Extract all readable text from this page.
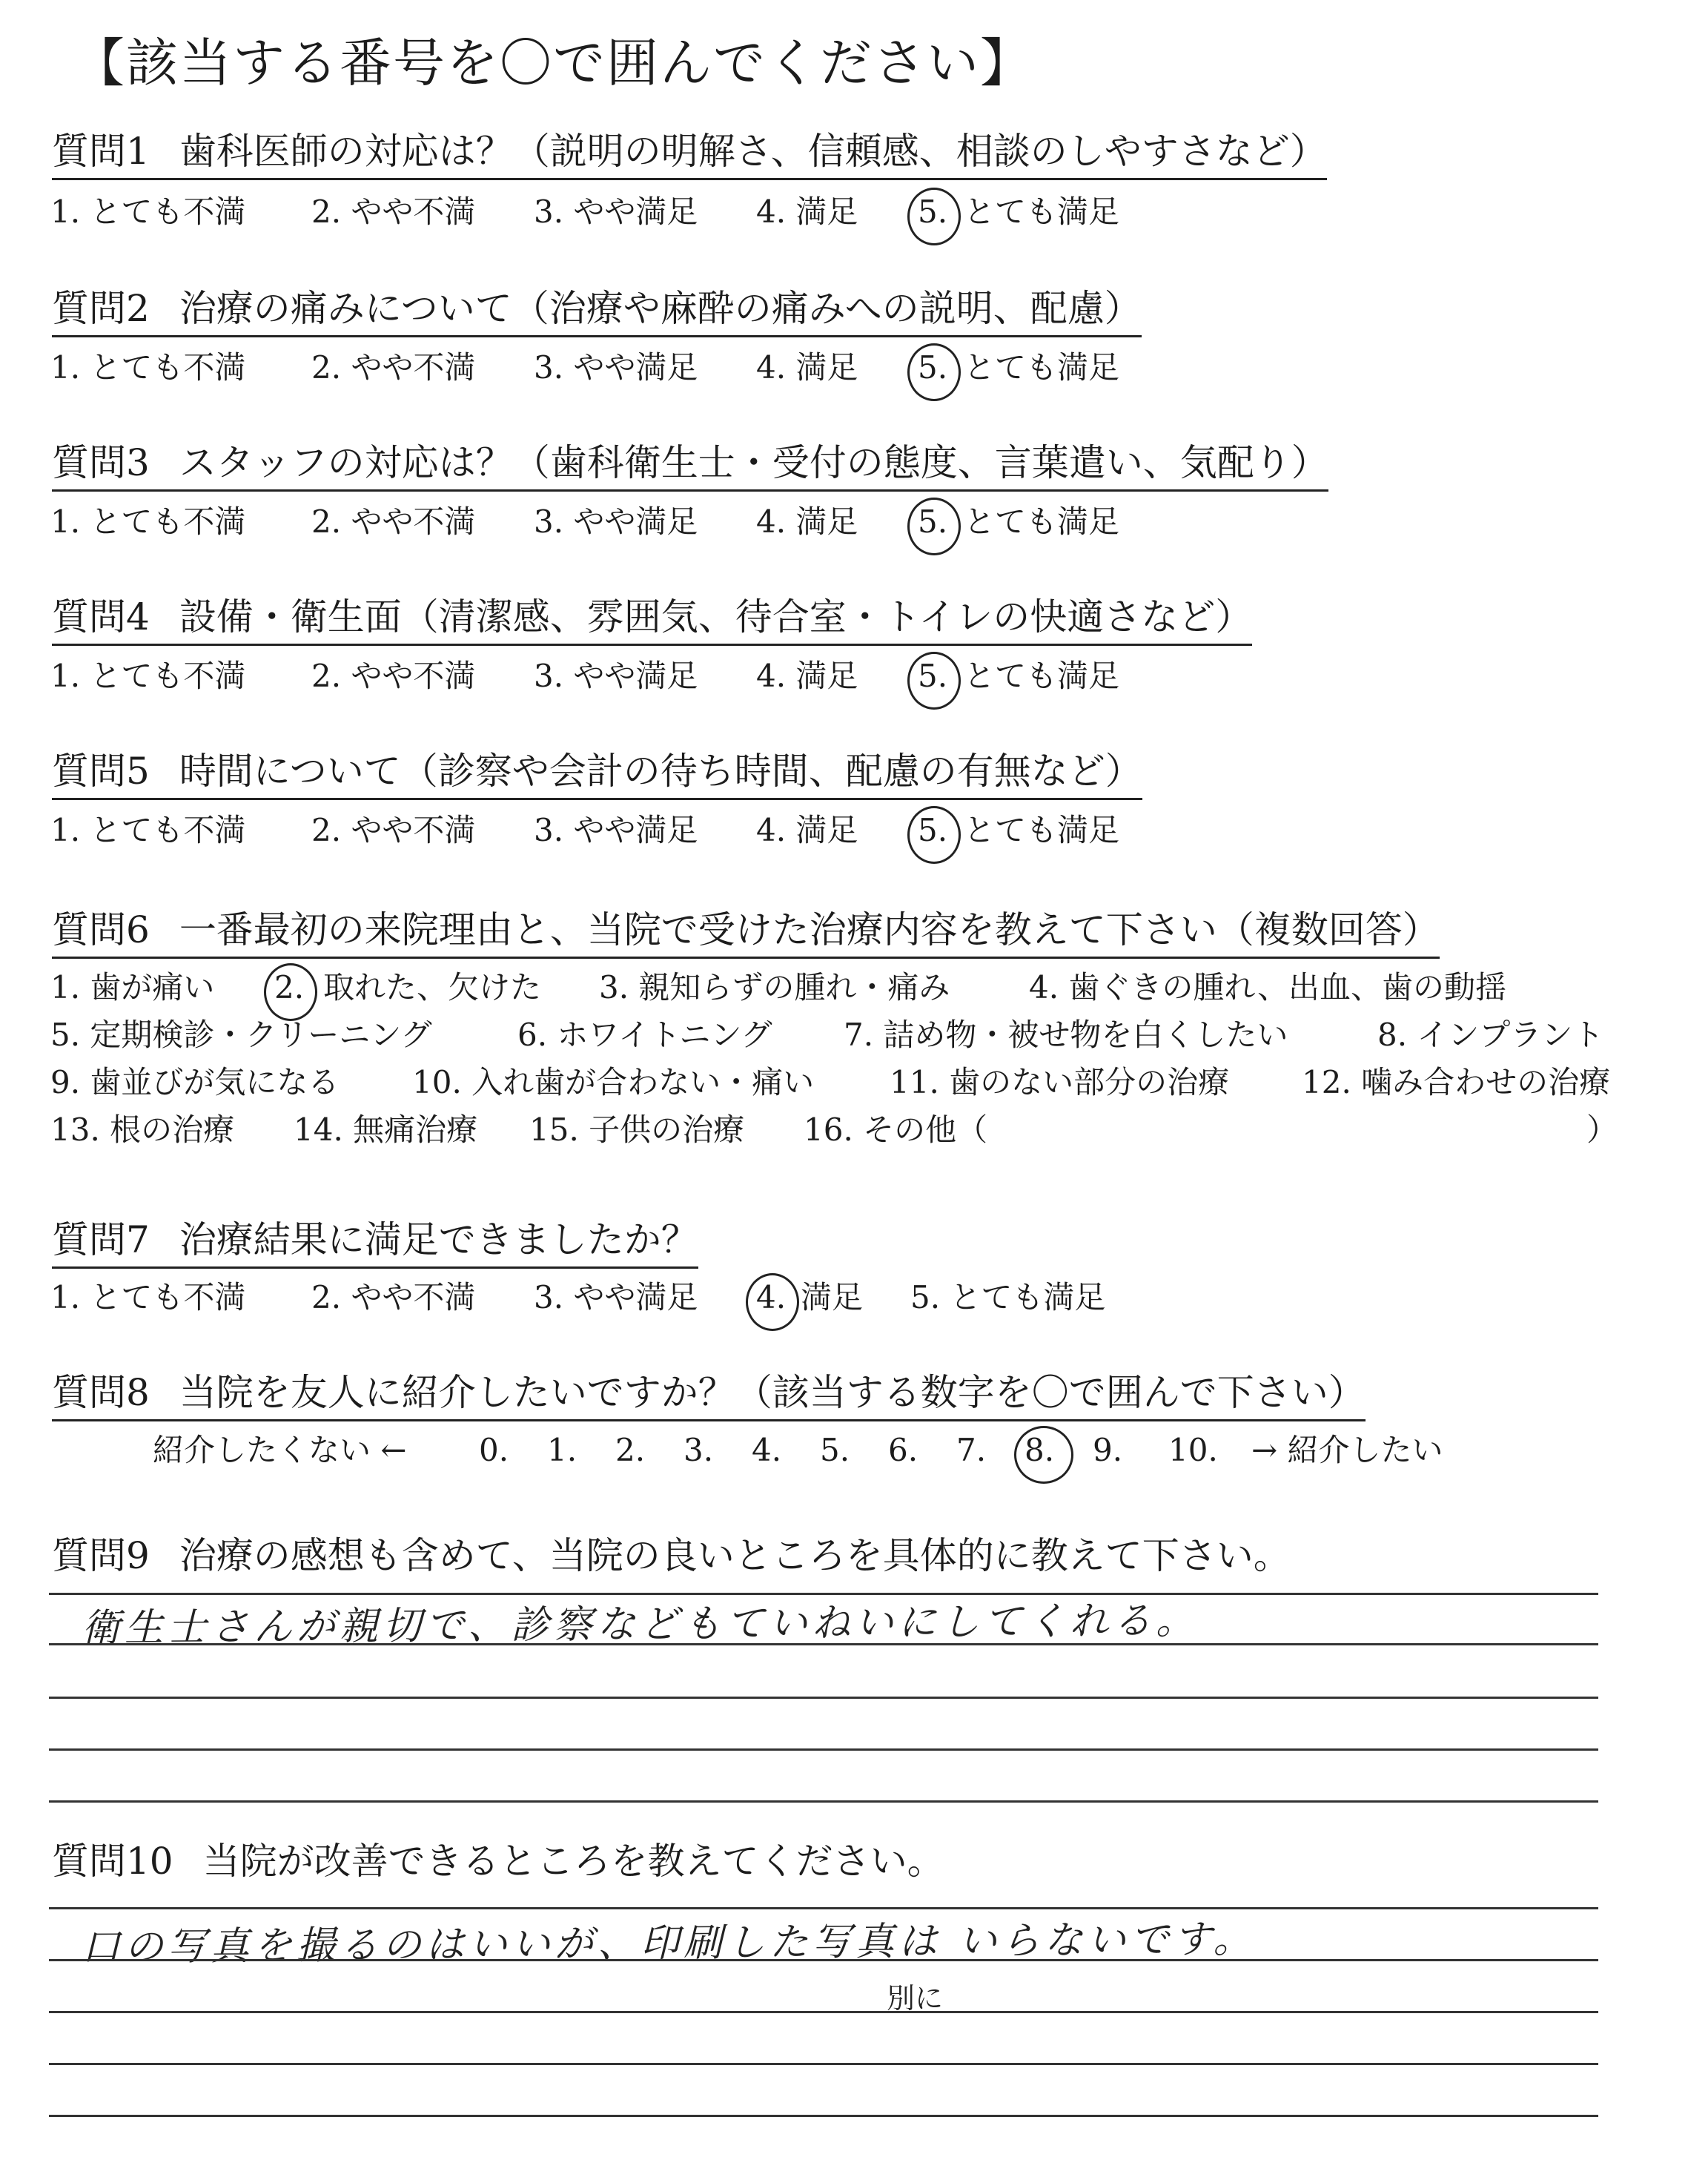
【該当する番号を〇で囲んでください】
質問1 歯科医師の対応は？（説明の明解さ、信頼感、相談のしやすさなど）
1. とても不満 2. やや不満 3. やや満足 4. 満足 5. とても満足
質問2 治療の痛みについて（治療や麻酔の痛みへの説明、配慮）
1. とても不満 2. やや不満 3. やや満足 4. 満足 5. とても満足
質問3 スタッフの対応は？（歯科衛生士・受付の態度、言葉遣い、気配り）
1. とても不満 2. やや不満 3. やや満足 4. 満足 5. とても満足
質問4 設備・衛生面（清潔感、雰囲気、待合室・トイレの快適さなど）
1. とても不満 2. やや不満 3. やや満足 4. 満足 5. とても満足
質問5 時間について（診察や会計の待ち時間、配慮の有無など）
1. とても不満 2. やや不満 3. やや満足 4. 満足 5. とても満足
質問6 一番最初の来院理由と、当院で受けた治療内容を教えて下さい（複数回答）
1. 歯が痛い 2. 取れた、欠けた 3. 親知らずの腫れ・痛み	4. 歯ぐきの腫れ、出血、歯の動揺
5. 定期検診・クリーニング	6. ホワイトニング 7. 詰め物・被せ物を白くしたい	8. インプラント
9. 歯並びが気になる 10. 入れ歯が合わない・痛い 11. 歯のない部分の治療 12. 噛み合わせの治療
13. 根の治療 14. 無痛治療 15. 子供の治療 16. その他（	）
質問7 治療結果に満足できましたか？
1. とても不満 2. やや不満 3. やや満足 4. 満足 5. とても満足
質問8 当院を友人に紹介したいですか？（該当する数字を〇で囲んで下さい）
紹介したくない ← 0. 1. 2. 3. 4. 5. 6. 7. 8. 9. 10. → 紹介したい
質問9 治療の感想も含めて、当院の良いところを具体的に教えて下さい。
衛生士さんが親切で、診察などもていねいにしてくれる。
質問10 当院が改善できるところを教えてください。
口の写真を撮るのはいいが、印刷した写真は いらないです。
別に
